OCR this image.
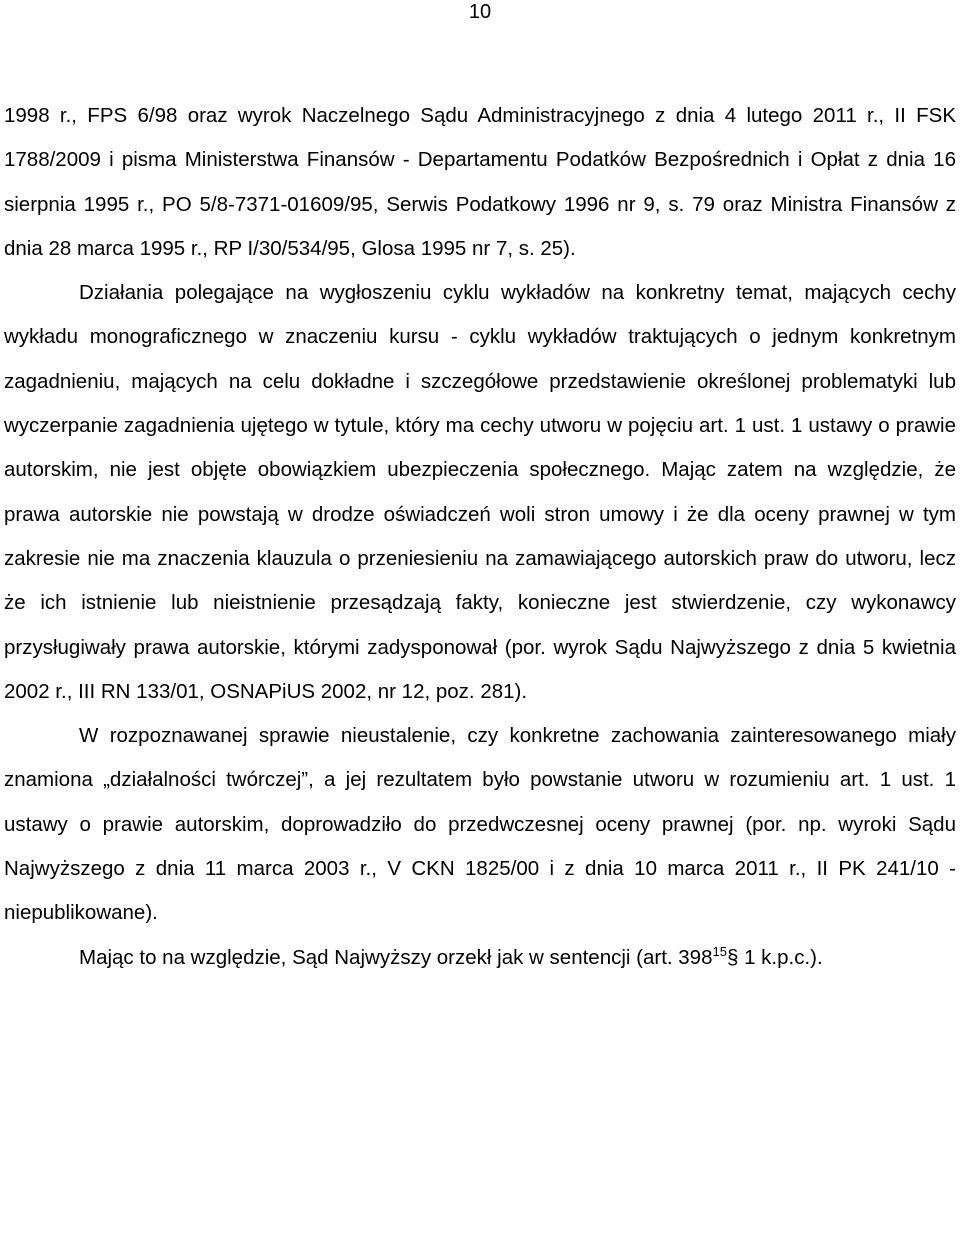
10

1998 r., FPS 6/98 oraz wyrok Naczelnego Sądu Administracyjnego z dnia 4 lutego 2011 r., II FSK 1788/2009 i pisma Ministerstwa Finansów - Departamentu Podatków Bezpośrednich i Opłat z dnia 16 sierpnia 1995 r., PO 5/8-7371-01609/95, Serwis Podatkowy 1996 nr 9, s. 79 oraz Ministra Finansów z dnia 28 marca 1995 r., RP I/30/534/95, Glosa 1995 nr 7, s. 25).

Działania polegające na wygłoszeniu cyklu wykładów na konkretny temat, mających cechy wykładu monograficznego w znaczeniu kursu - cyklu wykładów traktujących o jednym konkretnym zagadnieniu, mających na celu dokładne i szczegółowe przedstawienie określonej problematyki lub wyczerpanie zagadnienia ujętego w tytule, który ma cechy utworu w pojęciu art. 1 ust. 1 ustawy o prawie autorskim, nie jest objęte obowiązkiem ubezpieczenia społecznego. Mając zatem na względzie, że prawa autorskie nie powstają w drodze oświadczeń woli stron umowy i że dla oceny prawnej w tym zakresie nie ma znaczenia klauzula o przeniesieniu na zamawiającego autorskich praw do utworu, lecz że ich istnienie lub nieistnienie przesądzają fakty, konieczne jest stwierdzenie, czy wykonawcy przysługiwały prawa autorskie, którymi zadysponował (por. wyrok Sądu Najwyższego z dnia 5 kwietnia 2002 r., III RN 133/01, OSNAPiUS 2002, nr 12, poz. 281).

W rozpoznawanej sprawie nieustalenie, czy konkretne zachowania zainteresowanego miały znamiona „działalności twórczej”, a jej rezultatem było powstanie utworu w rozumieniu art. 1 ust. 1 ustawy o prawie autorskim, doprowadziło do przedwczesnej oceny prawnej (por. np. wyroki Sądu Najwyższego z dnia 11 marca 2003 r., V CKN 1825/00 i z dnia 10 marca 2011 r., II PK 241/10 - niepublikowane).

Mając to na względzie, Sąd Najwyższy orzekł jak w sentencji (art. $398^{15}\S$ 1 k.p.c.).
